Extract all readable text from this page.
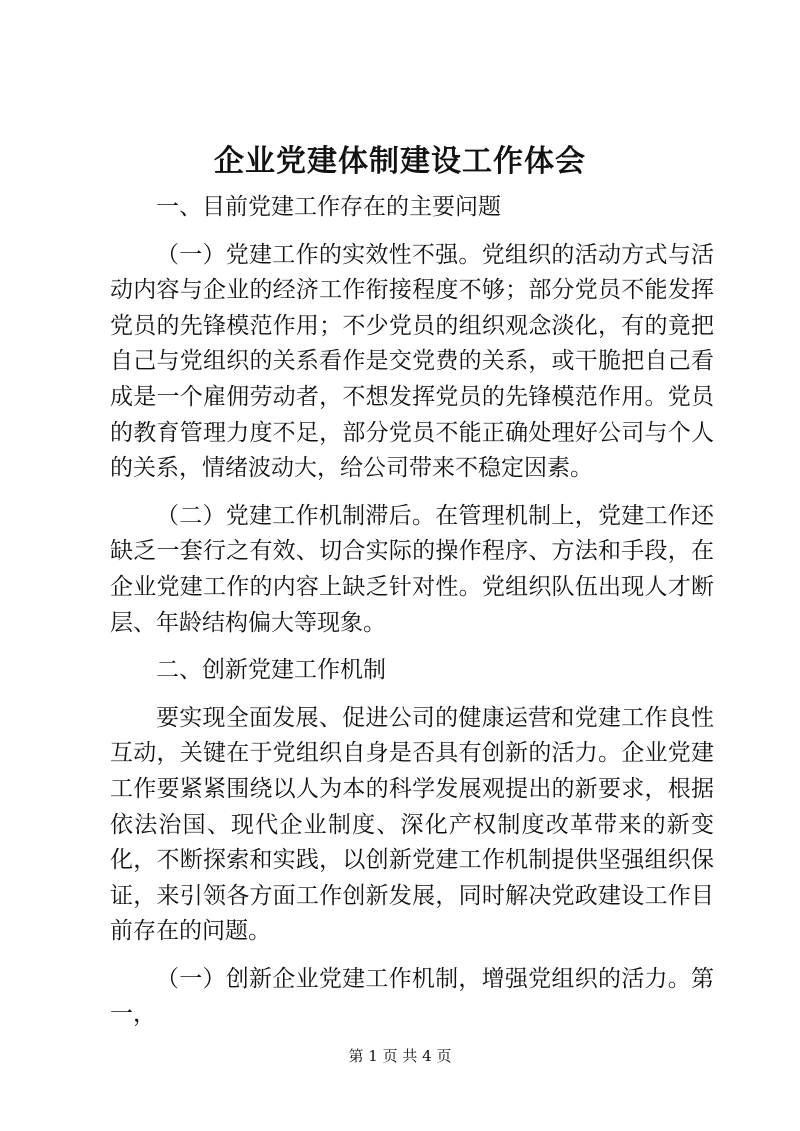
企业党建体制建设工作体会

一、目前党建工作存在的主要问题

（一）党建工作的实效性不强。党组织的活动方式与活动内容与企业的经济工作衔接程度不够；部分党员不能发挥党员的先锋模范作用；不少党员的组织观念淡化，有的竟把自己与党组织的关系看作是交党费的关系，或干脆把自己看成是一个雇佣劳动者，不想发挥党员的先锋模范作用。党员的教育管理力度不足，部分党员不能正确处理好公司与个人的关系，情绪波动大，给公司带来不稳定因素。

（二）党建工作机制滞后。在管理机制上，党建工作还缺乏一套行之有效、切合实际的操作程序、方法和手段，在企业党建工作的内容上缺乏针对性。党组织队伍出现人才断层、年龄结构偏大等现象。

二、创新党建工作机制

要实现全面发展、促进公司的健康运营和党建工作良性互动，关键在于党组织自身是否具有创新的活力。企业党建工作要紧紧围绕以人为本的科学发展观提出的新要求，根据依法治国、现代企业制度、深化产权制度改革带来的新变化，不断探索和实践，以创新党建工作机制提供坚强组织保证，来引领各方面工作创新发展，同时解决党政建设工作目前存在的问题。

（一）创新企业党建工作机制，增强党组织的活力。第一，

第 1 页 共 4 页
